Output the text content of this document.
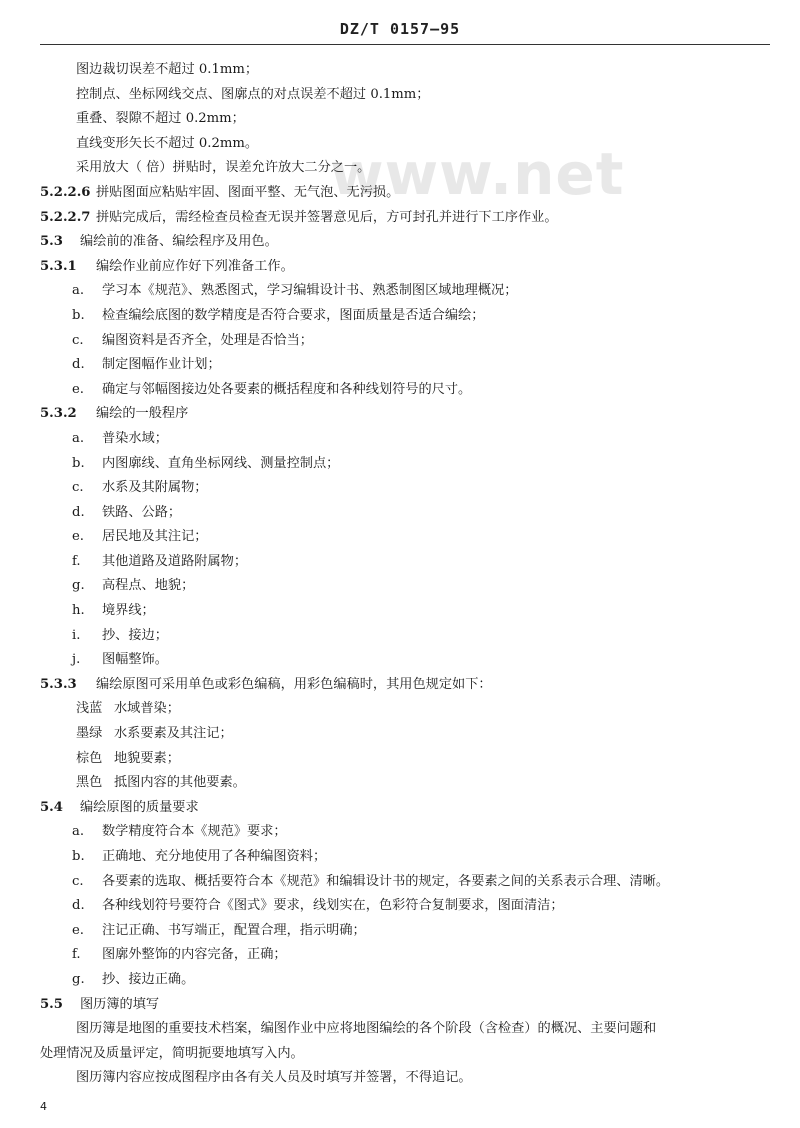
DZ/T 0157—95
www.net
图边裁切误差不超过 0.1mm；
控制点、坐标网线交点、图廓点的对点误差不超过 0.1mm；
重叠、裂隙不超过 0.2mm；
直线变形矢长不超过 0.2mm。
采用放大（ 倍）拼贴时，误差允许放大二分之一。
5.2.2.6 拼贴图面应粘贴牢固、图面平整、无气泡、无污损。
5.2.2.7 拼贴完成后，需经检查员检查无误并签署意见后，方可封孔并进行下工序作业。
5.3 编绘前的准备、编绘程序及用色。
5.3.1 编绘作业前应作好下列准备工作。
a. 学习本《规范》、熟悉图式，学习编辑设计书、熟悉制图区域地理概况；
b. 检查编绘底图的数学精度是否符合要求，图面质量是否适合编绘；
c. 编图资料是否齐全，处理是否恰当；
d. 制定图幅作业计划；
e. 确定与邻幅图接边处各要素的概括程度和各种线划符号的尺寸。
5.3.2 编绘的一般程序
a. 普染水域；
b. 内图廓线、直角坐标网线、测量控制点；
c. 水系及其附属物；
d. 铁路、公路；
e. 居民地及其注记；
f. 其他道路及道路附属物；
g. 高程点、地貌；
h. 境界线；
i. 抄、接边；
j. 图幅整饰。
5.3.3 编绘原图可采用单色或彩色编稿，用彩色编稿时，其用色规定如下：
浅蓝 水域普染；
墨绿 水系要素及其注记；
棕色 地貌要素；
黑色 抵图内容的其他要素。
5.4 编绘原图的质量要求
a. 数学精度符合本《规范》要求；
b. 正确地、充分地使用了各种编图资料；
c. 各要素的选取、概括要符合本《规范》和编辑设计书的规定，各要素之间的关系表示合理、清晰。
d. 各种线划符号要符合《图式》要求，线划实在，色彩符合复制要求，图面清洁；
e. 注记正确、书写端正，配置合理，指示明确；
f. 图廓外整饰的内容完备，正确；
g. 抄、接边正确。
5.5 图历簿的填写
图历簿是地图的重要技术档案，编图作业中应将地图编绘的各个阶段（含检查）的概况、主要问题和
处理情况及质量评定，简明扼要地填写入内。
图历簿内容应按成图程序由各有关人员及时填写并签署，不得追记。
4
